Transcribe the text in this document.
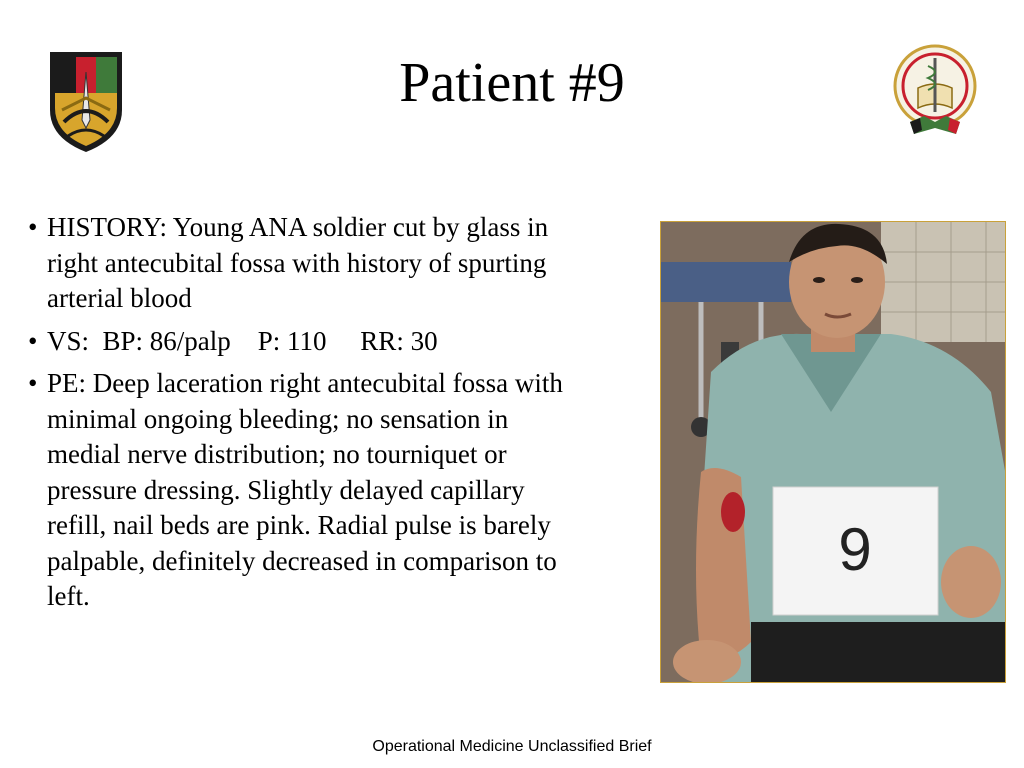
Patient #9
• HISTORY: Young ANA soldier cut by glass in right antecubital fossa with history of spurting arterial blood
• VS:  BP: 86/palp    P: 110     RR: 30
• PE: Deep laceration right antecubital fossa with minimal ongoing bleeding; no sensation in medial nerve distribution; no tourniquet or pressure dressing. Slightly delayed capillary refill, nail beds are pink. Radial pulse is barely palpable, definitely decreased in comparison to left.
9
Operational Medicine Unclassified Brief
